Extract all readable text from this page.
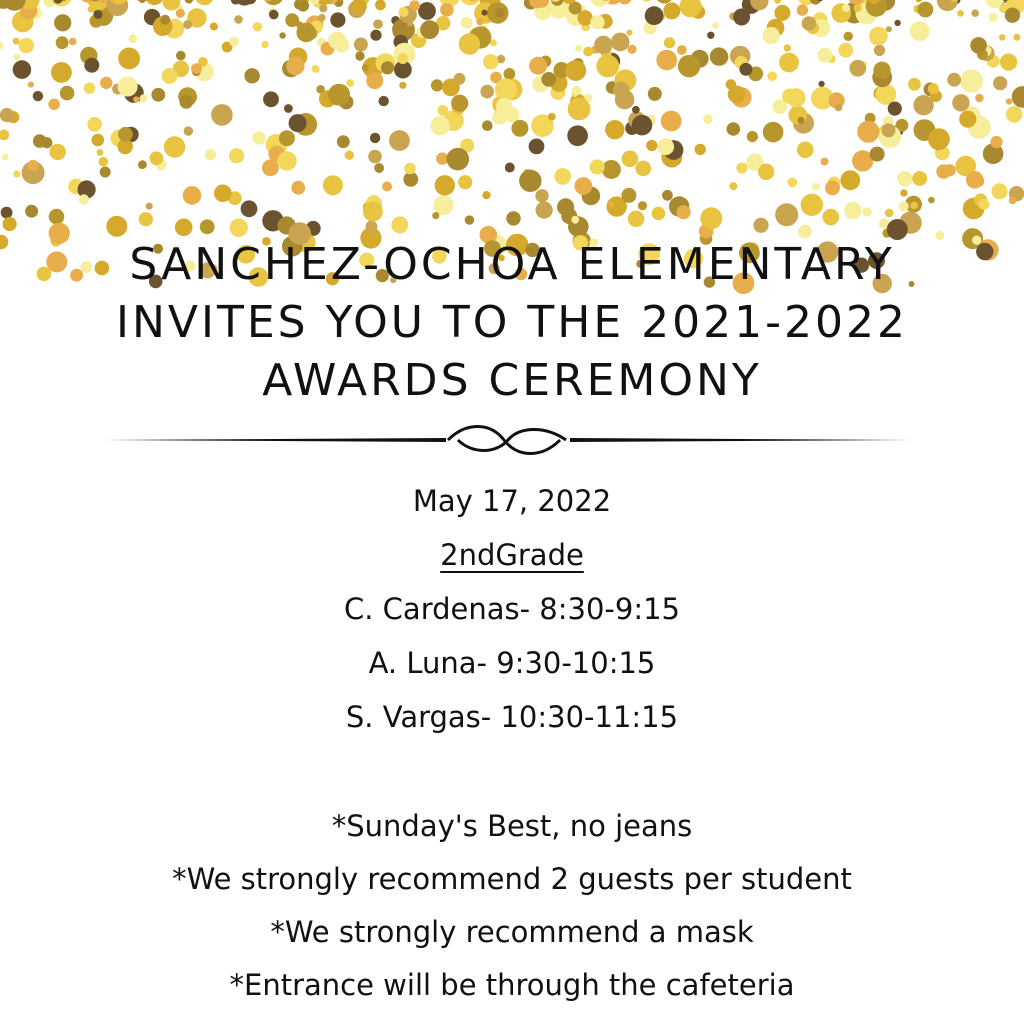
SANCHEZ-OCHOA ELEMENTARY
INVITES YOU TO THE 2021-2022
AWARDS CEREMONY
May 17, 2022
2ndGrade
C. Cardenas- 8:30-9:15
A. Luna- 9:30-10:15
S. Vargas- 10:30-11:15
*Sunday's Best, no jeans
*We strongly recommend 2 guests per student
*We strongly recommend a mask
*Entrance will be through the cafeteria
